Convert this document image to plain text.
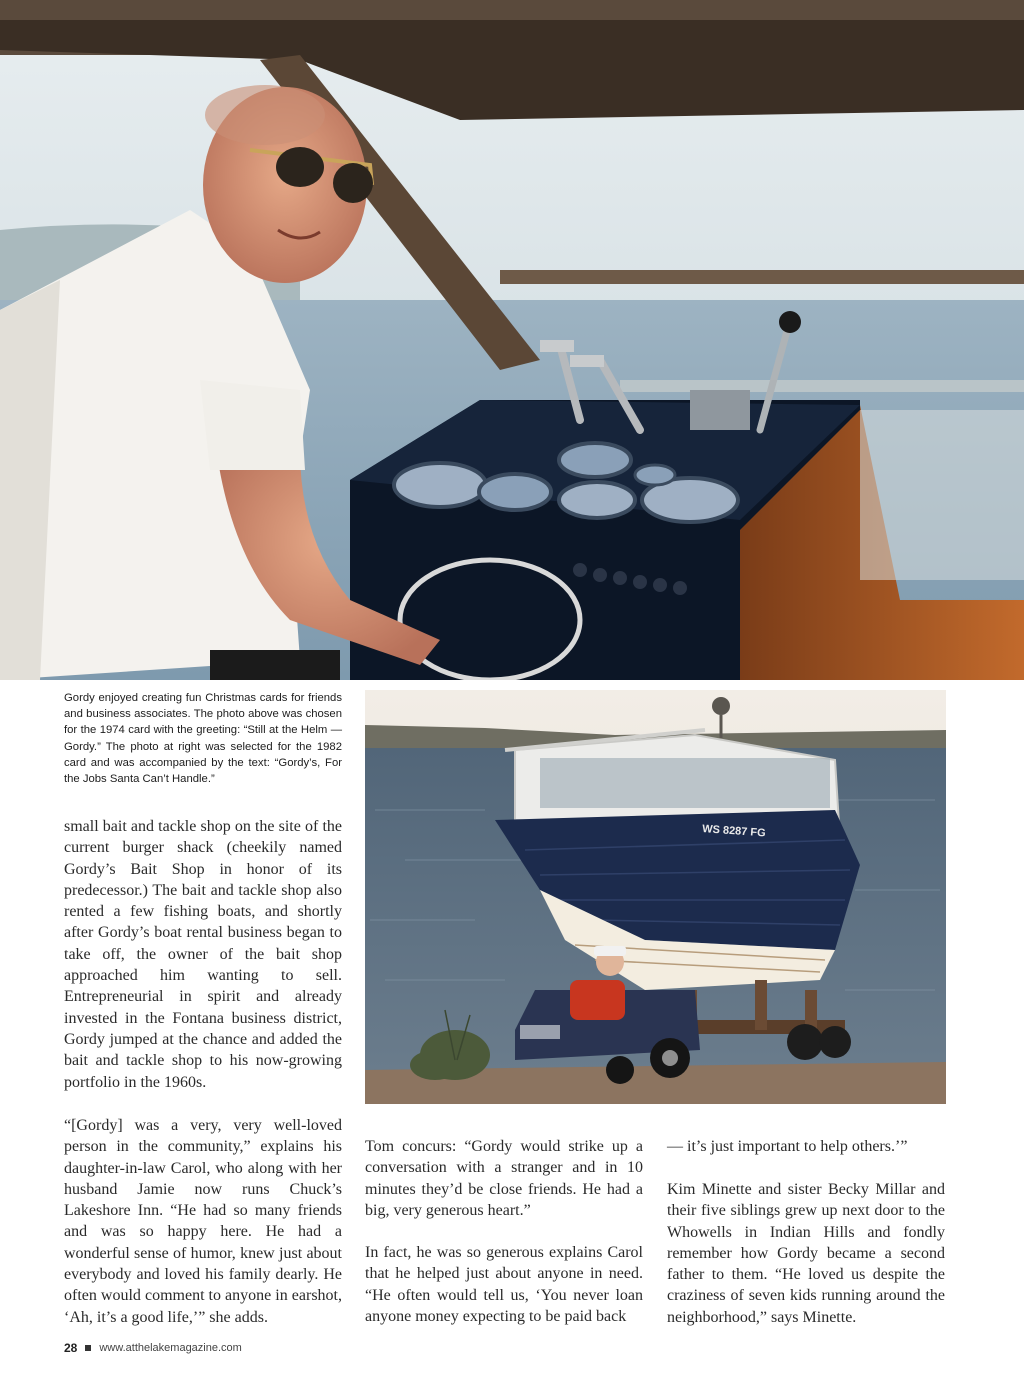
Gordy enjoyed creating fun Christmas cards for friends and business associates. The photo above was chosen for the 1974 card with the greeting: “Still at the Helm — Gordy.” The photo at right was selected for the 1982 card and was accompanied by the text: “Gordy’s, For the Jobs Santa Can’t Handle.”

WS 8287 FG

small bait and tackle shop on the site of the current burger shack (cheekily named Gordy’s Bait Shop in honor of its predecessor.) The bait and tackle shop also rented a few fishing boats, and shortly after Gordy’s boat rental business began to take off, the owner of the bait shop approached him wanting to sell. Entrepreneurial in spirit and already invested in the Fontana business district, Gordy jumped at the chance and added the bait and tackle shop to his now-growing portfolio in the 1960s.

“[Gordy] was a very, very well-loved person in the community,” explains his daughter-in-law Carol, who along with her husband Jamie now runs Chuck’s Lakeshore Inn. “He had so many friends and was so happy here. He had a wonderful sense of humor, knew just about everybody and loved his family dearly. He often would comment to anyone in earshot, ‘Ah, it’s a good life,’” she adds.

Tom concurs: “Gordy would strike up a conversation with a stranger and in 10 minutes they’d be close friends. He had a big, very generous heart.”

In fact, he was so generous explains Carol that he helped just about anyone in need. “He often would tell us, ‘You never loan anyone money expecting to be paid back

— it’s just important to help others.’”

Kim Minette and sister Becky Millar and their five siblings grew up next door to the Whowells in Indian Hills and fondly remember how Gordy became a second father to them. “He loved us despite the craziness of seven kids running around the neighborhood,” says Minette.

28 www.atthelakemagazine.com
